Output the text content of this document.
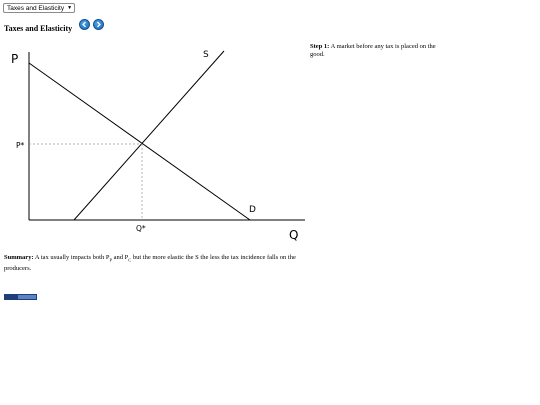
Taxes and Elasticity ▼
Taxes and Elasticity
P
Q
S
D
P*
Q*
Step 1: A market before any tax is placed on the good.
Summary: A tax usually impacts both $P_P$ and $P_C$ but the more elastic the S the less the tax incidence falls on the producers.
